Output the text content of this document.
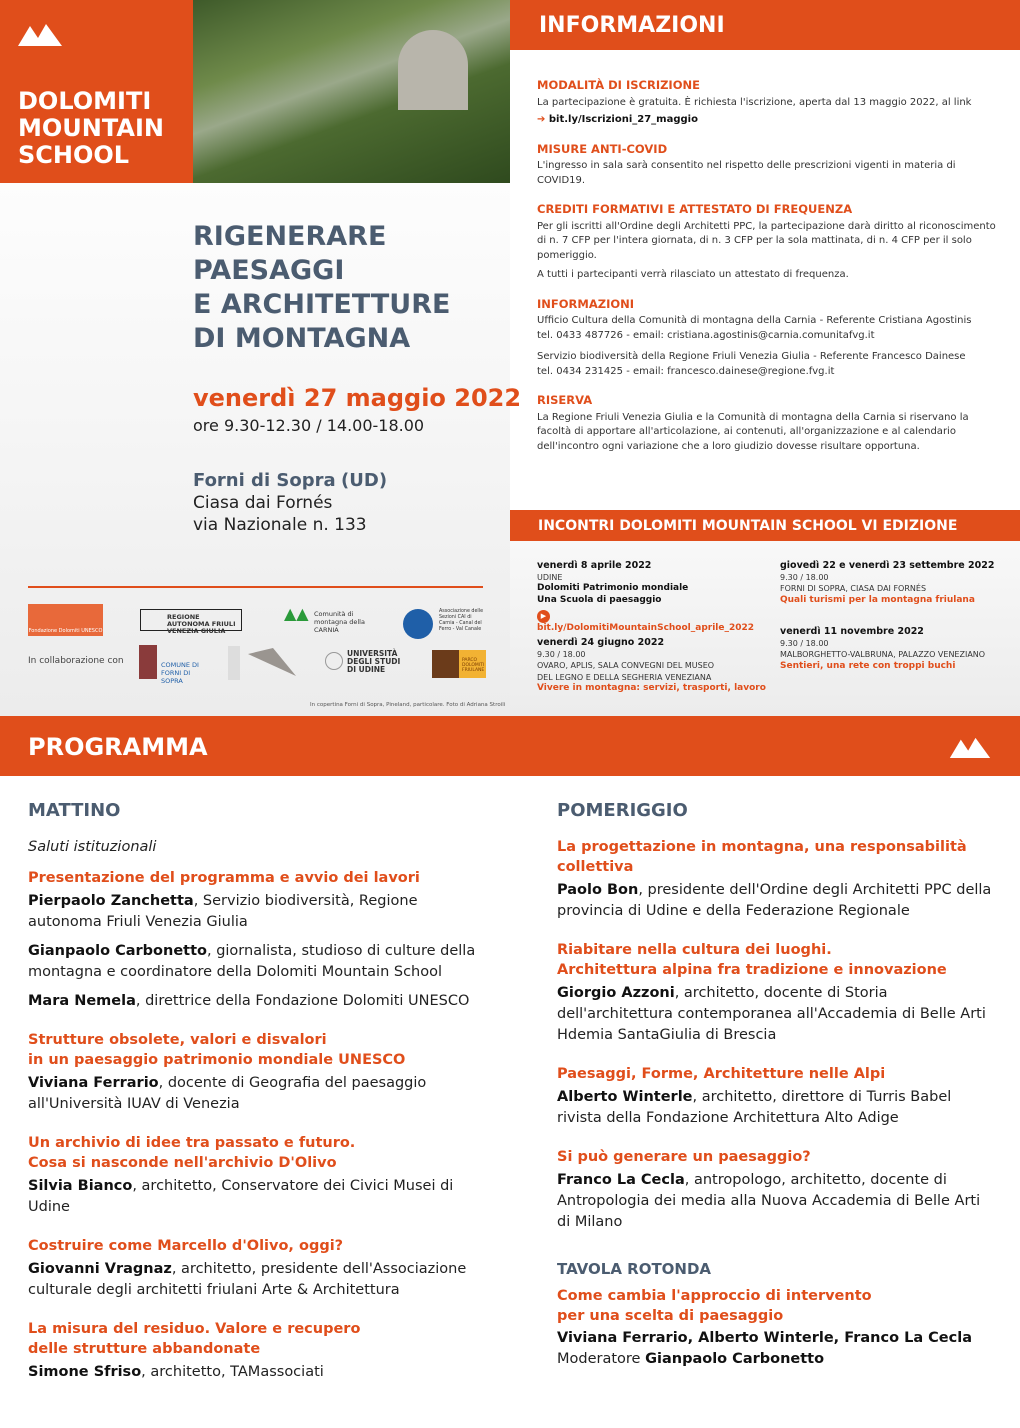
DOLOMITI
MOUNTAIN
SCHOOL
RIGENERARE
PAESAGGI
E ARCHITETTURE
DI MONTAGNA
venerdì 27 maggio 2022
ore 9.30-12.30 / 14.00-18.00
Forni di Sopra (UD)
Ciasa dai Fornés
via Nazionale n. 133
Fondazione Dolomiti UNESCO
REGIONE AUTONOMA FRIULI VENEZIA GIULIA
▲▲ Comunità di montagna della CARNIA
Associazione delle Sezioni CAI di Carnia - Canal del Ferro - Val Canale
In collaborazione con	COMUNE DI FORNI DI SOPRA
UNIVERSITÀ DEGLI STUDI DI UDINE
PARCO DOLOMITI FRIULANE
In copertina Forni di Sopra, Pineland, particolare. Foto di Adriana Stroili
INFORMAZIONI
MODALITÀ DI ISCRIZIONE

La partecipazione è gratuita. È richiesta l'iscrizione, aperta dal 13 maggio 2022, al link

➔ bit.ly/Iscrizioni_27_maggio

MISURE ANTI-COVID

L'ingresso in sala sarà consentito nel rispetto delle prescrizioni vigenti in materia di COVID19.

CREDITI FORMATIVI E ATTESTATO DI FREQUENZA

Per gli iscritti all'Ordine degli Architetti PPC, la partecipazione darà diritto al riconoscimento di n. 7 CFP per l'intera giornata, di n. 3 CFP per la sola mattinata, di n. 4 CFP per il solo pomeriggio.

A tutti i partecipanti verrà rilasciato un attestato di frequenza.

INFORMAZIONI

Ufficio Cultura della Comunità di montagna della Carnia - Referente Cristiana Agostinis

tel. 0433 487726 - email: cristiana.agostinis@carnia.comunitafvg.it

Servizio biodiversità della Regione Friuli Venezia Giulia - Referente Francesco Dainese

tel. 0434 231425 - email: francesco.dainese@regione.fvg.it

RISERVA

La Regione Friuli Venezia Giulia e la Comunità di montagna della Carnia si riservano la facoltà di apportare all'articolazione, ai contenuti, all'organizzazione e al calendario dell'incontro ogni variazione che a loro giudizio dovesse risultare opportuna.

INCONTRI DOLOMITI MOUNTAIN SCHOOL VI EDIZIONE
venerdì 8 aprile 2022
UDINE
Dolomiti Patrimonio mondiale
Una Scuola di paesaggio
▶bit.ly/DolomitiMountainSchool_aprile_2022
venerdì 24 giugno 2022
9.30 / 18.00
OVARO, APLIS, SALA CONVEGNI DEL MUSEO
DEL LEGNO E DELLA SEGHERIA VENEZIANA
Vivere in montagna: servizi, trasporti, lavoro
giovedì 22 e venerdì 23 settembre 2022
9.30 / 18.00
FORNI DI SOPRA, CIASA DAI FORNÉS
Quali turismi per la montagna friulana
venerdì 11 novembre 2022
9.30 / 18.00
MALBORGHETTO-VALBRUNA, PALAZZO VENEZIANO
Sentieri, una rete con troppi buchi
PROGRAMMA
MATTINO

Saluti istituzionali

Presentazione del programma e avvio dei lavori

Pierpaolo Zanchetta, Servizio biodiversità, Regione autonoma Friuli Venezia Giulia

Gianpaolo Carbonetto, giornalista, studioso di culture della montagna e coordinatore della Dolomiti Mountain School

Mara Nemela, direttrice della Fondazione Dolomiti UNESCO

Strutture obsolete, valori e disvalori
in un paesaggio patrimonio mondiale UNESCO

Viviana Ferrario, docente di Geografia del paesaggio all'Università IUAV di Venezia

Un archivio di idee tra passato e futuro.
Cosa si nasconde nell'archivio D'Olivo

Silvia Bianco, architetto, Conservatore dei Civici Musei di Udine

Costruire come Marcello d'Olivo, oggi?

Giovanni Vragnaz, architetto, presidente dell'Associazione culturale degli architetti friulani Arte & Architettura

La misura del residuo. Valore e recupero
delle strutture abbandonate

Simone Sfriso, architetto, TAMassociati

POMERIGGIO
La progettazione in montagna, una responsabilità collettiva

Paolo Bon, presidente dell'Ordine degli Architetti PPC della provincia di Udine e della Federazione Regionale

Riabitare nella cultura dei luoghi.
Architettura alpina fra tradizione e innovazione

Giorgio Azzoni, architetto, docente di Storia dell'architettura contemporanea all'Accademia di Belle Arti Hdemia SantaGiulia di Brescia

Paesaggi, Forme, Architetture nelle Alpi

Alberto Winterle, architetto, direttore di Turris Babel rivista della Fondazione Architettura Alto Adige

Si può generare un paesaggio?

Franco La Cecla, antropologo, architetto, docente di Antropologia dei media alla Nuova Accademia di Belle Arti di Milano

TAVOLA ROTONDA
Come cambia l'approccio di intervento
per una scelta di paesaggio

Viviana Ferrario, Alberto Winterle, Franco La Cecla

Moderatore Gianpaolo Carbonetto
